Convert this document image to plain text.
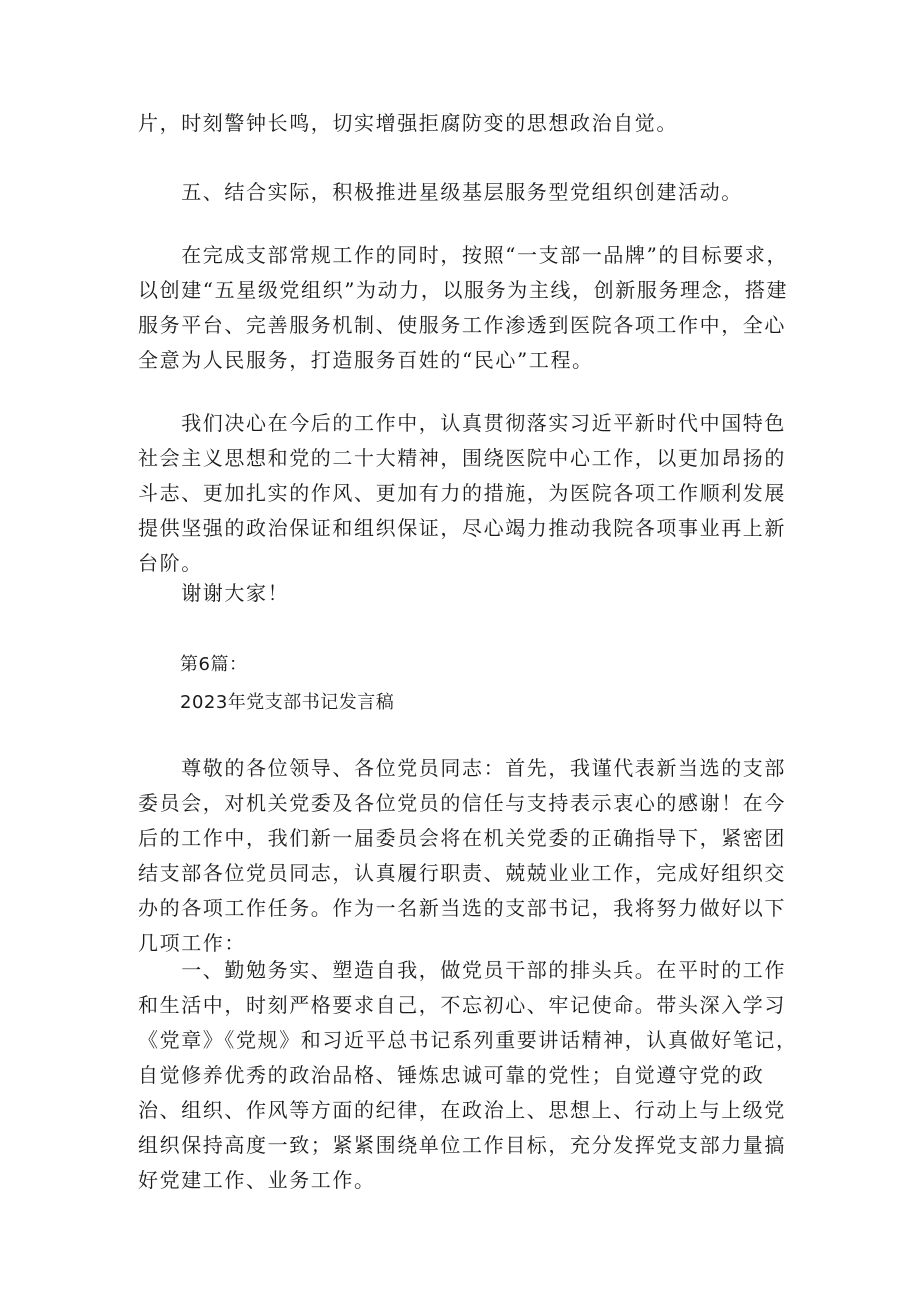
片，时刻警钟长鸣，切实增强拒腐防变的思想政治自觉。

　　五、结合实际，积极推进星级基层服务型党组织创建活动。

　　在完成支部常规工作的同时，按照“一支部一品牌”的目标要求，以创建“五星级党组织”为动力，以服务为主线，创新服务理念，搭建服务平台、完善服务机制、使服务工作渗透到医院各项工作中，全心全意为人民服务，打造服务百姓的“民心”工程。

　　我们决心在今后的工作中，认真贯彻落实习近平新时代中国特色社会主义思想和党的二十大精神，围绕医院中心工作，以更加昂扬的斗志、更加扎实的作风、更加有力的措施，为医院各项工作顺利发展提供坚强的政治保证和组织保证，尽心竭力推动我院各项事业再上新台阶。

　　谢谢大家！

第6篇：

2023年党支部书记发言稿

　　尊敬的各位领导、各位党员同志：首先，我谨代表新当选的支部委员会，对机关党委及各位党员的信任与支持表示衷心的感谢！在今后的工作中，我们新一届委员会将在机关党委的正确指导下，紧密团结支部各位党员同志，认真履行职责、兢兢业业工作，完成好组织交办的各项工作任务。作为一名新当选的支部书记，我将努力做好以下几项工作：

　　一、勤勉务实、塑造自我，做党员干部的排头兵。在平时的工作和生活中，时刻严格要求自己，不忘初心、牢记使命。带头深入学习《党章》《党规》和习近平总书记系列重要讲话精神，认真做好笔记，自觉修养优秀的政治品格、锤炼忠诚可靠的党性；自觉遵守党的政治、组织、作风等方面的纪律，在政治上、思想上、行动上与上级党组织保持高度一致；紧紧围绕单位工作目标，充分发挥党支部力量搞好党建工作、业务工作。
